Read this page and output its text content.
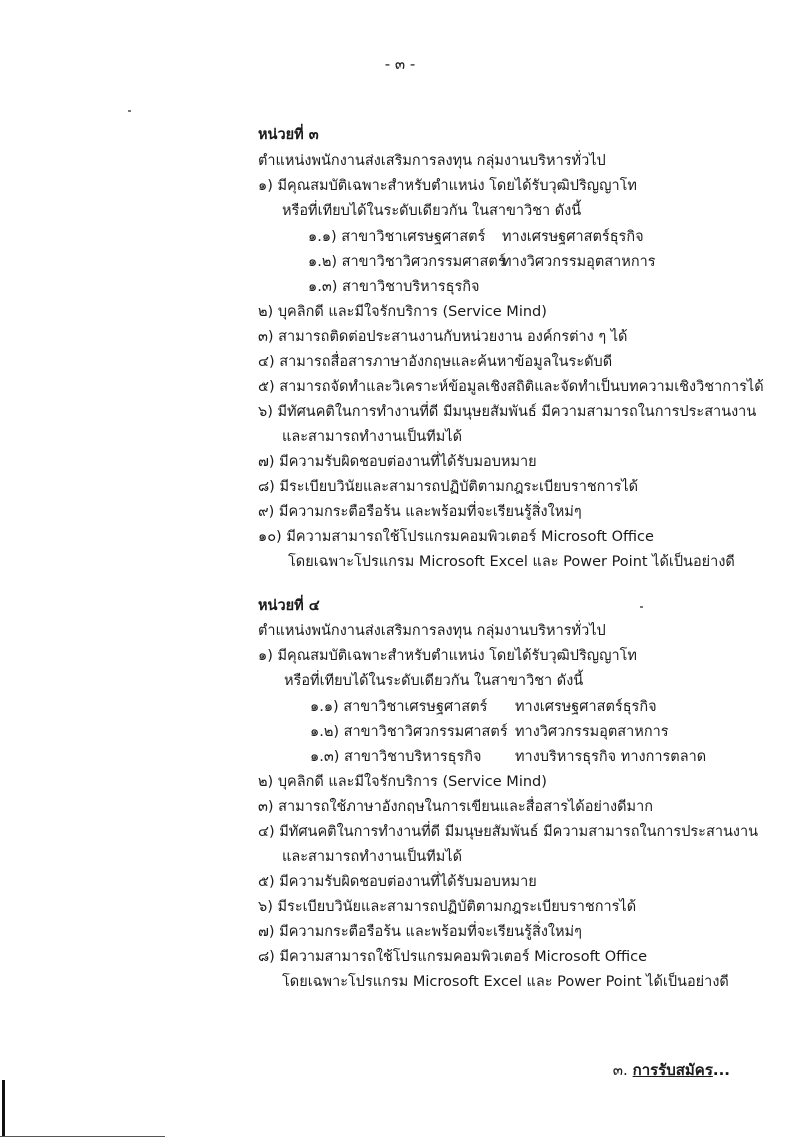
- ๓ -
หน่วยที่ ๓
ตำแหน่งพนักงานส่งเสริมการลงทุน กลุ่มงานบริหารทั่วไป
๑) มีคุณสมบัติเฉพาะสำหรับตำแหน่ง โดยได้รับวุฒิปริญญาโท
หรือที่เทียบได้ในระดับเดียวกัน ในสาขาวิชา ดังนี้
๑.๑) สาขาวิชาเศรษฐศาสตร์ ทางเศรษฐศาสตร์ธุรกิจ
๑.๒) สาขาวิชาวิศวกรรมศาสตร์
ทางวิศวกรรมอุตสาหการ
๑.๓) สาขาวิชาบริหารธุรกิจ
๒) บุคลิกดี และมีใจรักบริการ (Service Mind)
๓) สามารถติดต่อประสานงานกับหน่วยงาน องค์กรต่าง ๆ ได้
๔) สามารถสื่อสารภาษาอังกฤษและค้นหาข้อมูลในระดับดี
๕) สามารถจัดทำและวิเคราะห์ข้อมูลเชิงสถิติและจัดทำเป็นบทความเชิงวิชาการได้
๖) มีทัศนคติในการทำงานที่ดี มีมนุษยสัมพันธ์ มีความสามารถในการประสานงาน
และสามารถทำงานเป็นทีมได้
๗) มีความรับผิดชอบต่องานที่ได้รับมอบหมาย
๘) มีระเบียบวินัยและสามารถปฏิบัติตามกฎระเบียบราชการได้
๙) มีความกระตือรือร้น และพร้อมที่จะเรียนรู้สิ่งใหม่ๆ
๑๐) มีความสามารถใช้โปรแกรมคอมพิวเตอร์ Microsoft Office
โดยเฉพาะโปรแกรม Microsoft Excel และ Power Point ได้เป็นอย่างดี
หน่วยที่ ๔
ตำแหน่งพนักงานส่งเสริมการลงทุน กลุ่มงานบริหารทั่วไป
๑) มีคุณสมบัติเฉพาะสำหรับตำแหน่ง โดยได้รับวุฒิปริญญาโท
หรือที่เทียบได้ในระดับเดียวกัน ในสาขาวิชา ดังนี้
๑.๑) สาขาวิชาเศรษฐศาสตร์ ทางเศรษฐศาสตร์ธุรกิจ
๑.๒) สาขาวิชาวิศวกรรมศาสตร์ ทางวิศวกรรมอุตสาหการ
๑.๓) สาขาวิชาบริหารธุรกิจ ทางบริหารธุรกิจ ทางการตลาด
๒) บุคลิกดี และมีใจรักบริการ (Service Mind)
๓) สามารถใช้ภาษาอังกฤษในการเขียนและสื่อสารได้อย่างดีมาก
๔) มีทัศนคติในการทำงานที่ดี มีมนุษยสัมพันธ์ มีความสามารถในการประสานงาน
และสามารถทำงานเป็นทีมได้
๕) มีความรับผิดชอบต่องานที่ได้รับมอบหมาย
๖) มีระเบียบวินัยและสามารถปฏิบัติตามกฎระเบียบราชการได้
๗) มีความกระตือรือร้น และพร้อมที่จะเรียนรู้สิ่งใหม่ๆ
๘) มีความสามารถใช้โปรแกรมคอมพิวเตอร์ Microsoft Office
โดยเฉพาะโปรแกรม Microsoft Excel และ Power Point ได้เป็นอย่างดี
๓. การรับสมัคร...
